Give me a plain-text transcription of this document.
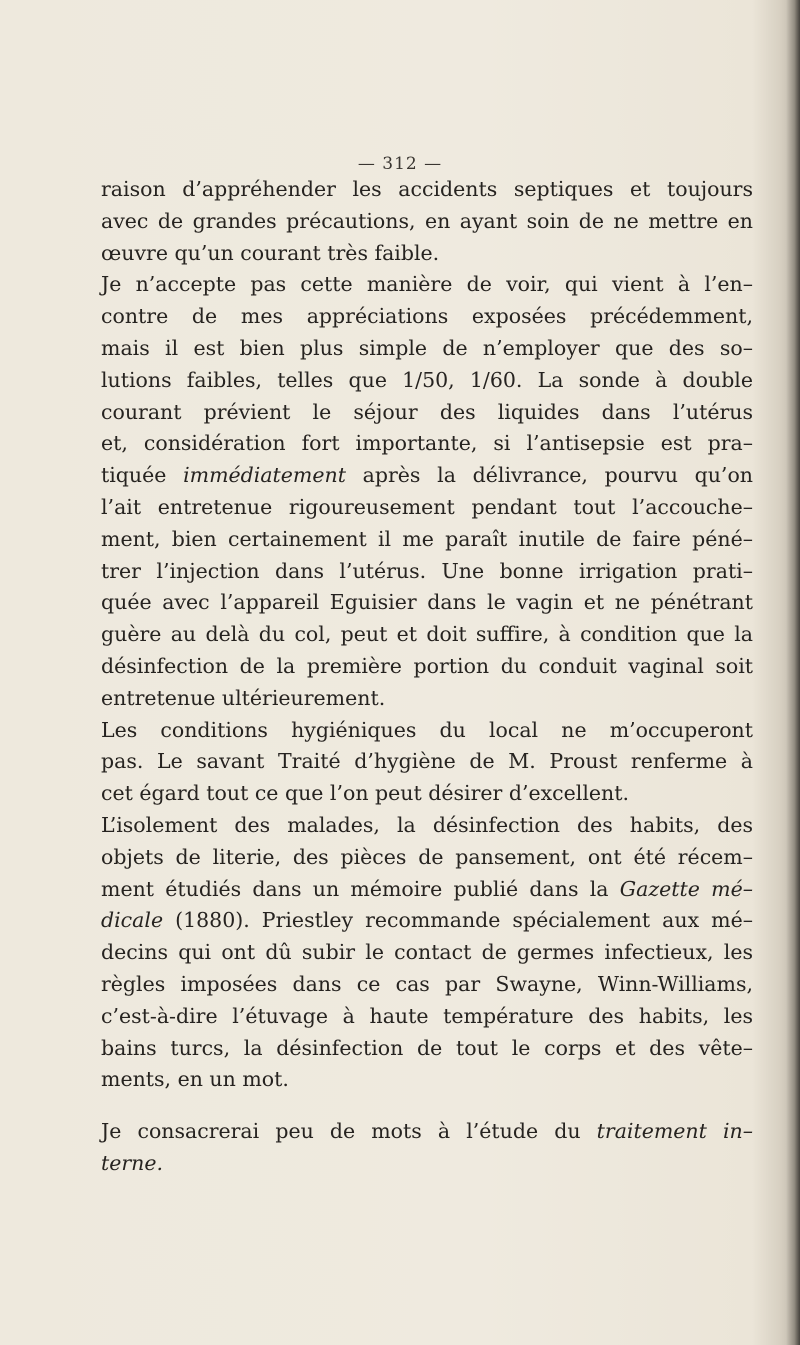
— 312 —
raison d’appréhender les accidents septiques et toujours
avec de grandes précautions, en ayant soin de ne mettre en
œuvre qu’un courant très faible.
Je n’accepte pas cette manière de voir, qui vient à l’en–
contre de mes appréciations exposées précédemment,
mais il est bien plus simple de n’employer que des so–
lutions faibles, telles que 1/50, 1/60. La sonde à double
courant prévient le séjour des liquides dans l’utérus
et, considération fort importante, si l’antisepsie est pra–
tiquée immédiatement après la délivrance, pourvu qu’on
l’ait entretenue rigoureusement pendant tout l’accouche–
ment, bien certainement il me paraît inutile de faire péné–
trer l’injection dans l’utérus. Une bonne irrigation prati–
quée avec l’appareil Eguisier dans le vagin et ne pénétrant
guère au delà du col, peut et doit suffire, à condition que la
désinfection de la première portion du conduit vaginal soit
entretenue ultérieurement.
Les conditions hygiéniques du local ne m’occuperont
pas. Le savant Traité d’hygiène de M. Proust renferme à
cet égard tout ce que l’on peut désirer d’excellent.
L’isolement des malades, la désinfection des habits, des
objets de literie, des pièces de pansement, ont été récem–
ment étudiés dans un mémoire publié dans la Gazette mé–
dicale (1880). Priestley recommande spécialement aux mé–
decins qui ont dû subir le contact de germes infectieux, les
règles imposées dans ce cas par Swayne, Winn-Williams,
c’est-à-dire l’étuvage à haute température des habits, les
bains turcs, la désinfection de tout le corps et des vête–
ments, en un mot.
Je consacrerai peu de mots à l’étude du traitement in–
terne.
